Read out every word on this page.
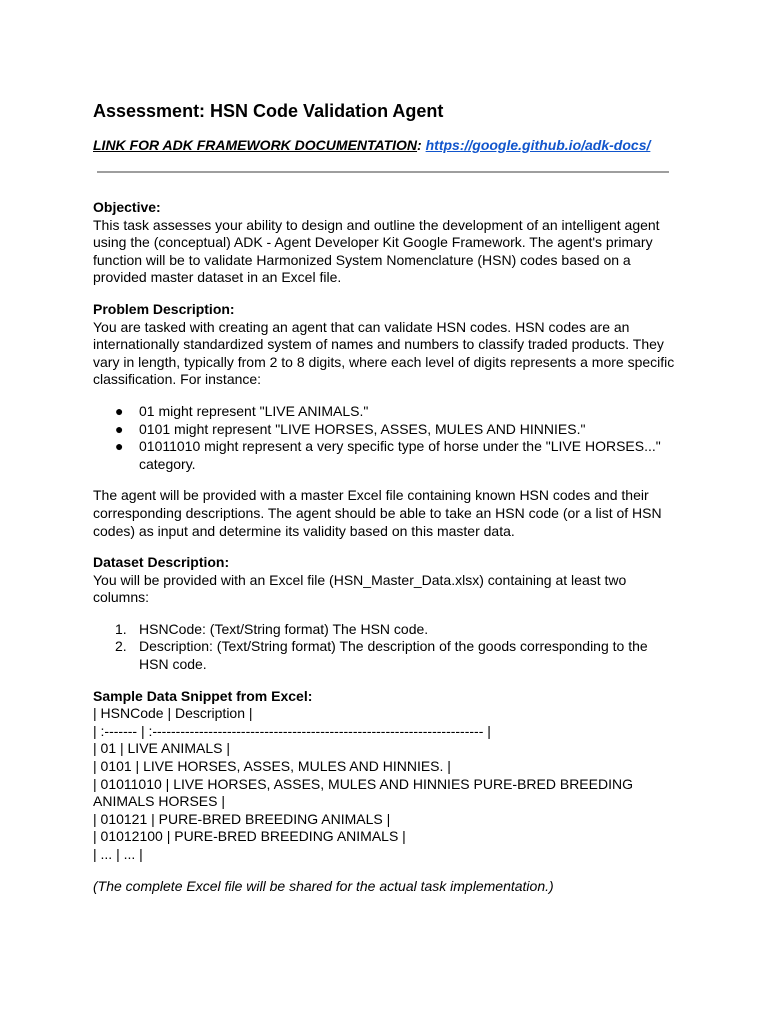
Assessment: HSN Code Validation Agent
LINK FOR ADK FRAMEWORK DOCUMENTATION: https://google.github.io/adk-docs/

Objective:

This task assesses your ability to design and outline the development of an intelligent agent using the (conceptual) ADK - Agent Developer Kit Google Framework. The agent's primary function will be to validate Harmonized System Nomenclature (HSN) codes based on a provided master dataset in an Excel file.

Problem Description:

You are tasked with creating an agent that can validate HSN codes. HSN codes are an internationally standardized system of names and numbers to classify traded products. They vary in length, typically from 2 to 8 digits, where each level of digits represents a more specific classification. For instance:

● 01 might represent "LIVE ANIMALS."
● 0101 might represent "LIVE HORSES, ASSES, MULES AND HINNIES."
● 01011010 might represent a very specific type of horse under the "LIVE HORSES..." category.

The agent will be provided with a master Excel file containing known HSN codes and their corresponding descriptions. The agent should be able to take an HSN code (or a list of HSN codes) as input and determine its validity based on this master data.

Dataset Description:

You will be provided with an Excel file (HSN_Master_Data.xlsx) containing at least two columns:

1. HSNCode: (Text/String format) The HSN code.
2. Description: (Text/String format) The description of the goods corresponding to the HSN code.

Sample Data Snippet from Excel:

| HSNCode | Description |
| :------- | :----------------------------------------------------------------------- |
| 01 | LIVE ANIMALS |
| 0101 | LIVE HORSES, ASSES, MULES AND HINNIES. |
| 01011010 | LIVE HORSES, ASSES, MULES AND HINNIES PURE-BRED BREEDING ANIMALS HORSES |
| 010121 | PURE-BRED BREEDING ANIMALS |
| 01012100 | PURE-BRED BREEDING ANIMALS |
| ... | ... |

(The complete Excel file will be shared for the actual task implementation.)
